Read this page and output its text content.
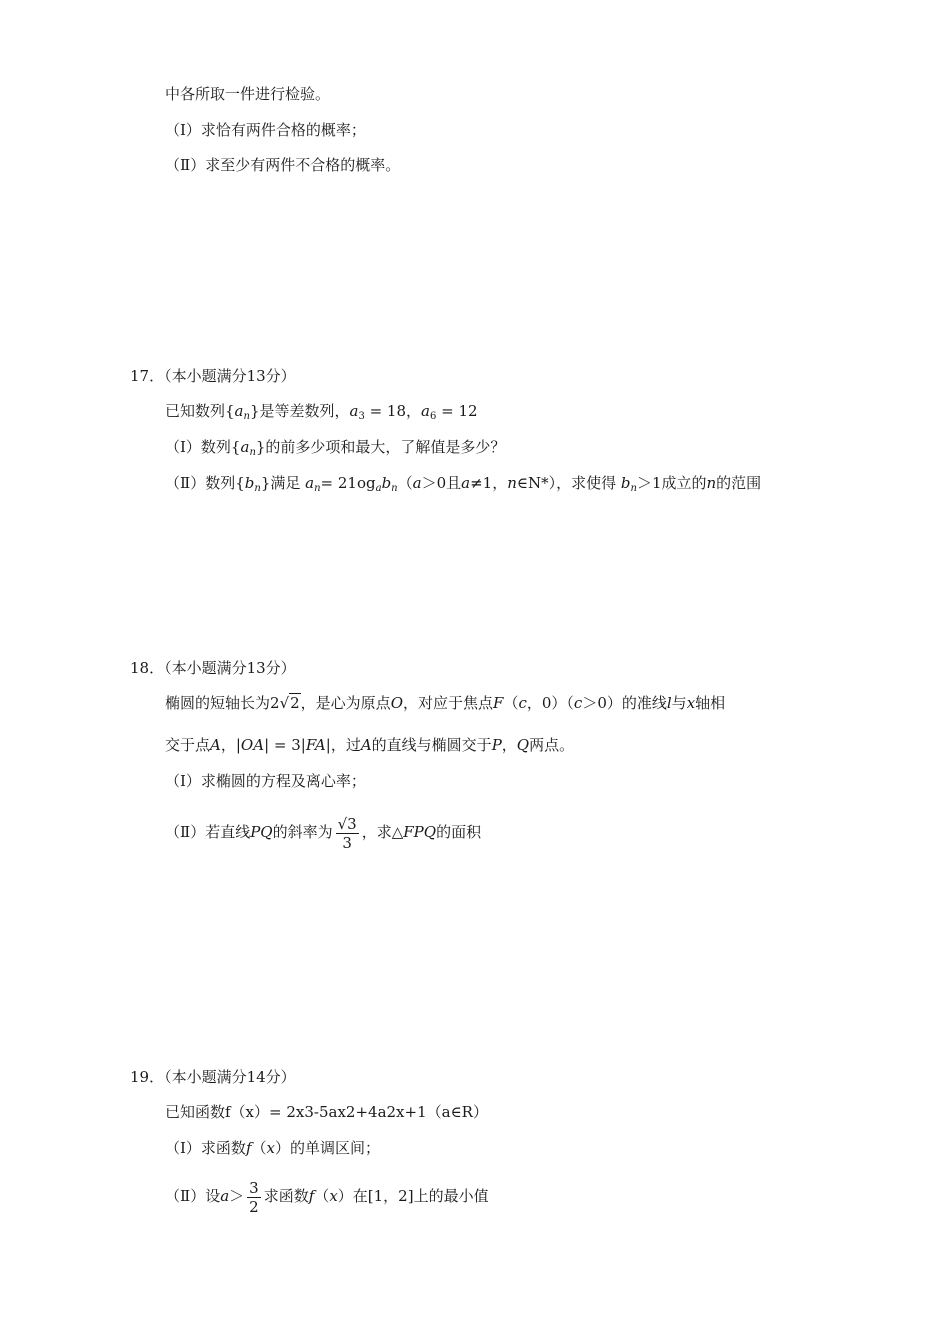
中各所取一件进行检验。
（Ⅰ）求恰有两件合格的概率；
（Ⅱ）求至少有两件不合格的概率。
17．（本小题满分13分）
已知数列$\{a_n\}$是等差数列，$a_3 = 18$，$a_6 = 12$
（Ⅰ）数列$\{a_n\}$的前多少项和最大，了解值是多少？
（Ⅱ）数列$\{b_n\}$满足 $a_n= 21og_ab_n(a>0$且a≠1，n∈N*），求使得 $b_n>1$成立的n的范围
18．（本小题满分13分）
椭圆的短轴长为2√2，是心为原点O，对应于焦点F（c，0）（c＞0）的准线l与x轴相
交于点A，|OA| = 3|FA|，过A的直线与椭圆交于P，Q两点。
（Ⅰ）求椭圆的方程及离心率；
（Ⅱ）若直线PQ的斜率为 $\frac{√3}{3}$ ，求△FPQ的面积
19．（本小题满分14分）
已知函数f（x）= 2x3-5ax2+4a2x+1（a∈R）
（Ⅰ）求函数f（x）的单调区间；
（Ⅱ）设$a> \frac{3}{2}$ 求函数f（x）在[1，2]上的最小值
